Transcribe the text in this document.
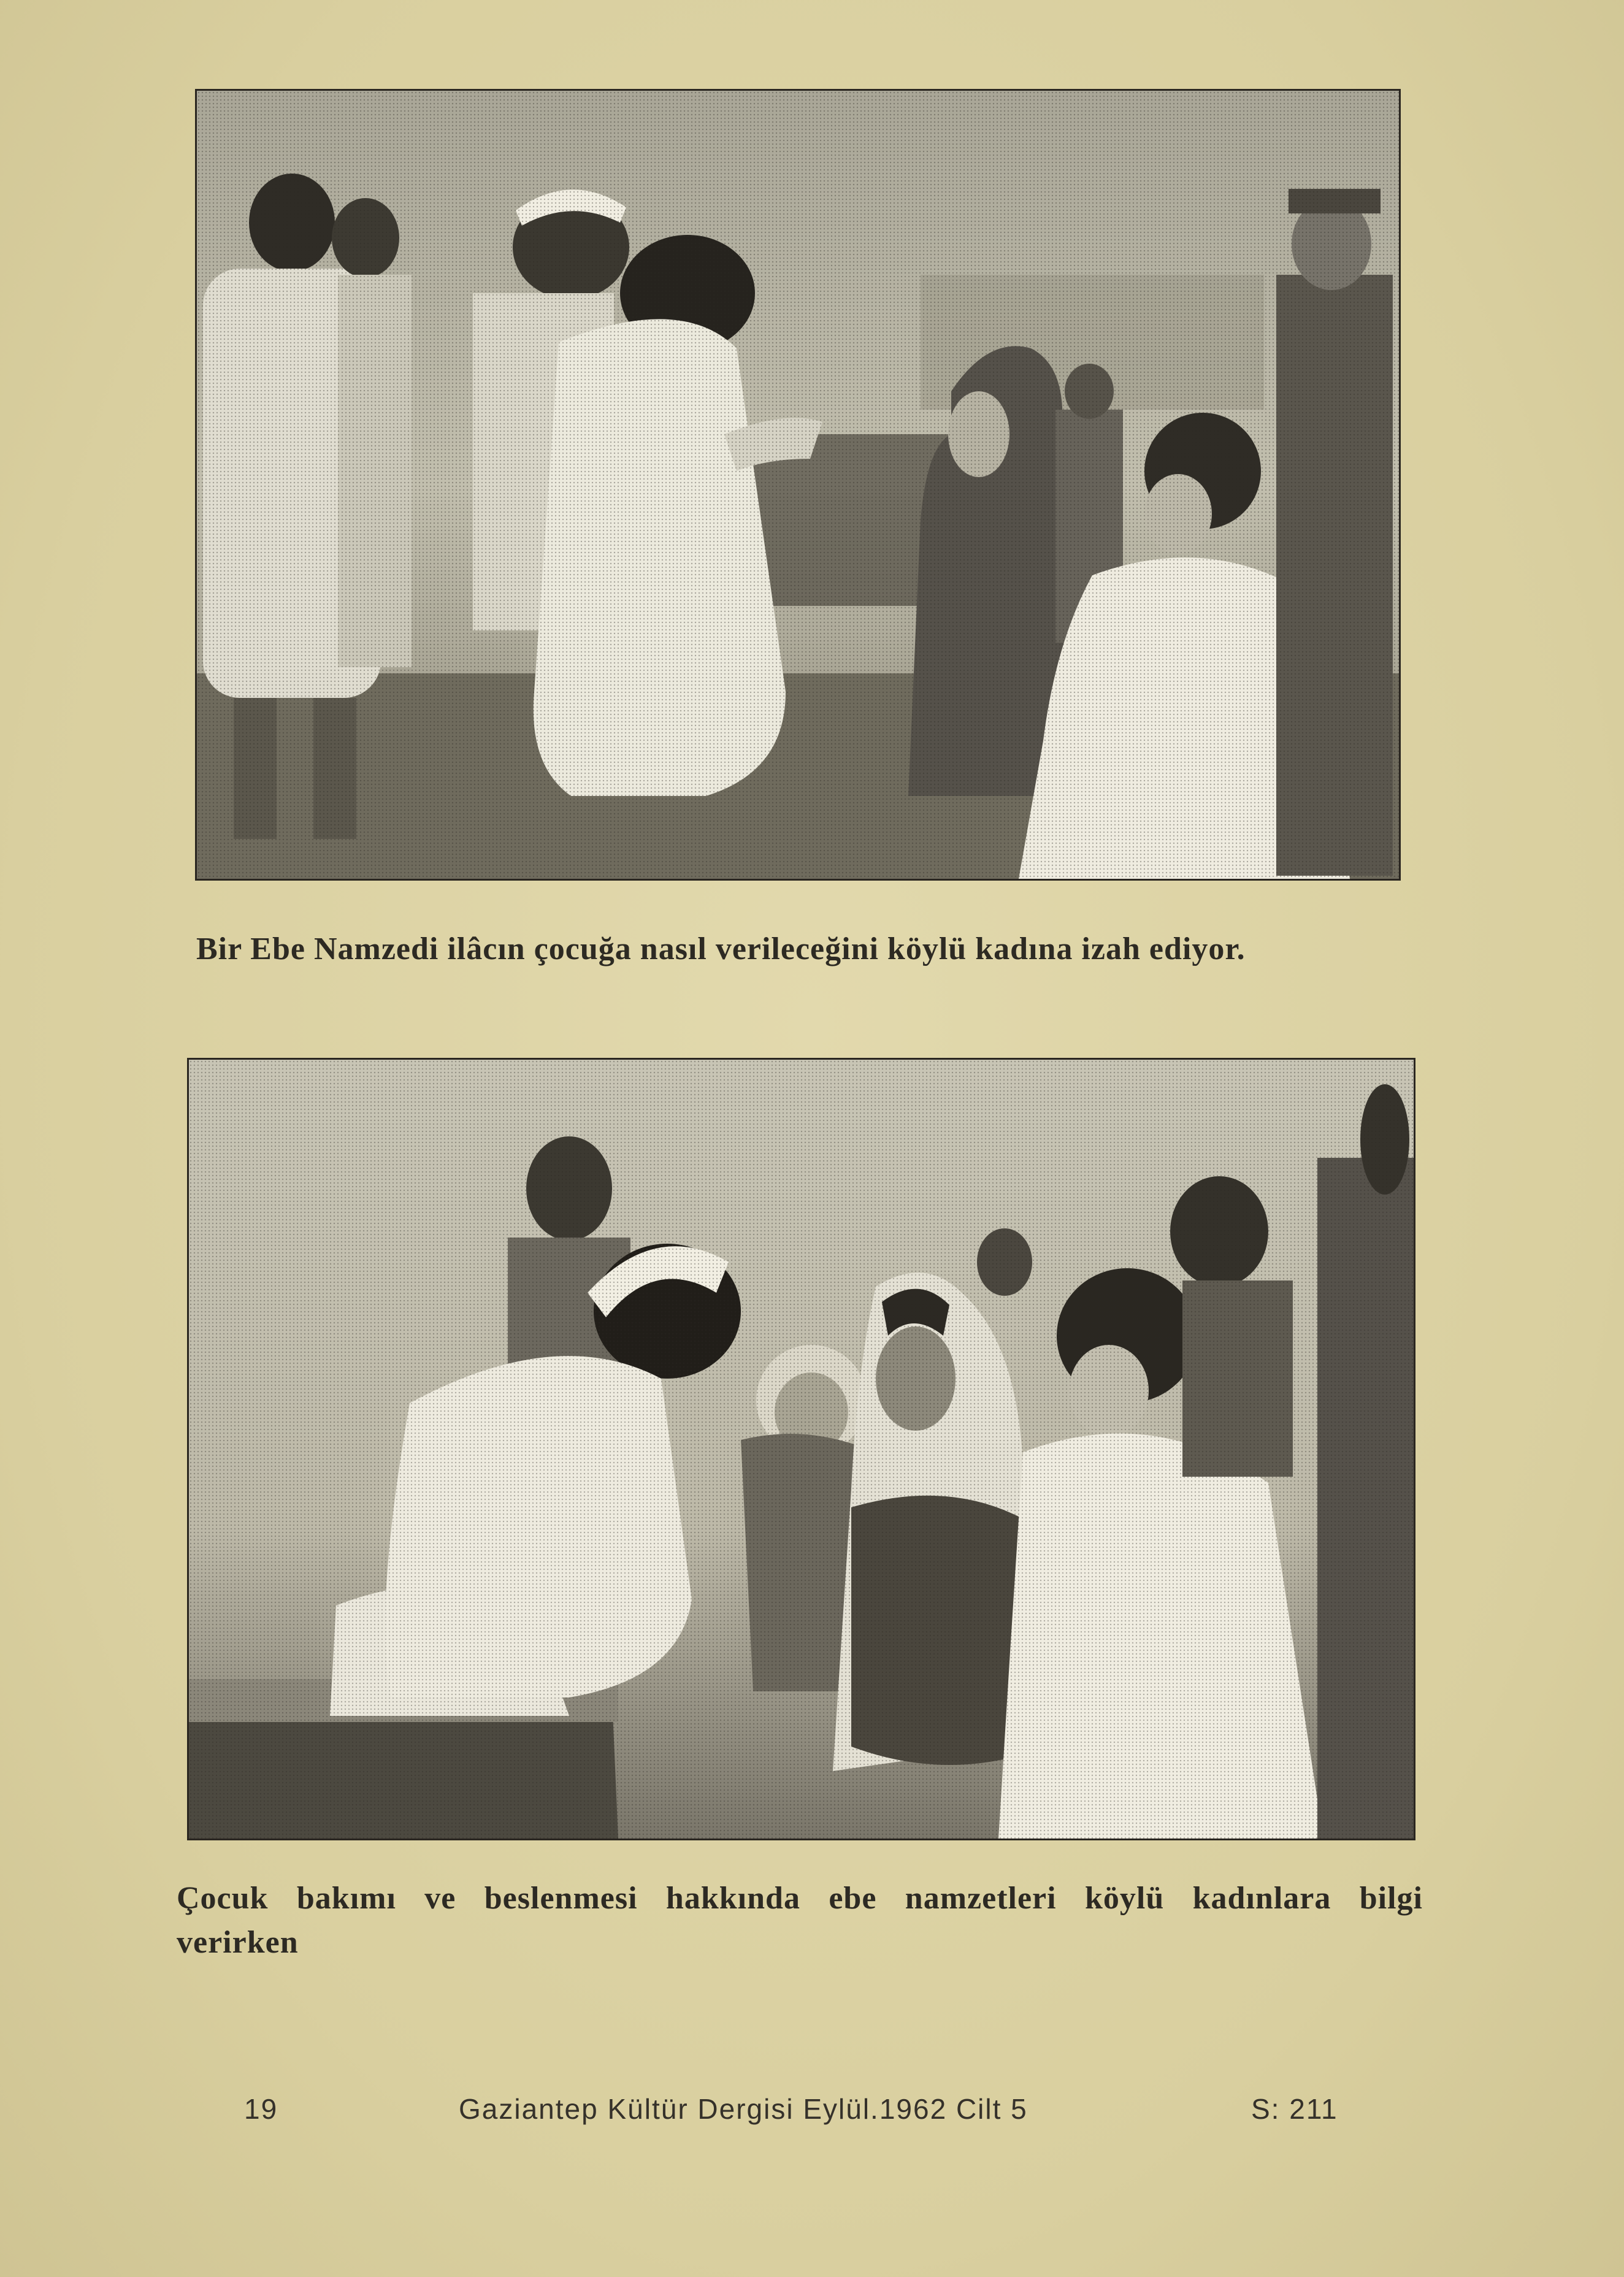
Bir Ebe Namzedi ilâcın çocuğa nasıl verileceğini köylü kadına izah ediyor.
Çocuk bakımı ve beslenmesi hakkında ebe namzetleri köylü kadınlara bilgi
verirken
19	Gaziantep Kültür Dergisi Eylül.1962 Cilt 5	S: 211
